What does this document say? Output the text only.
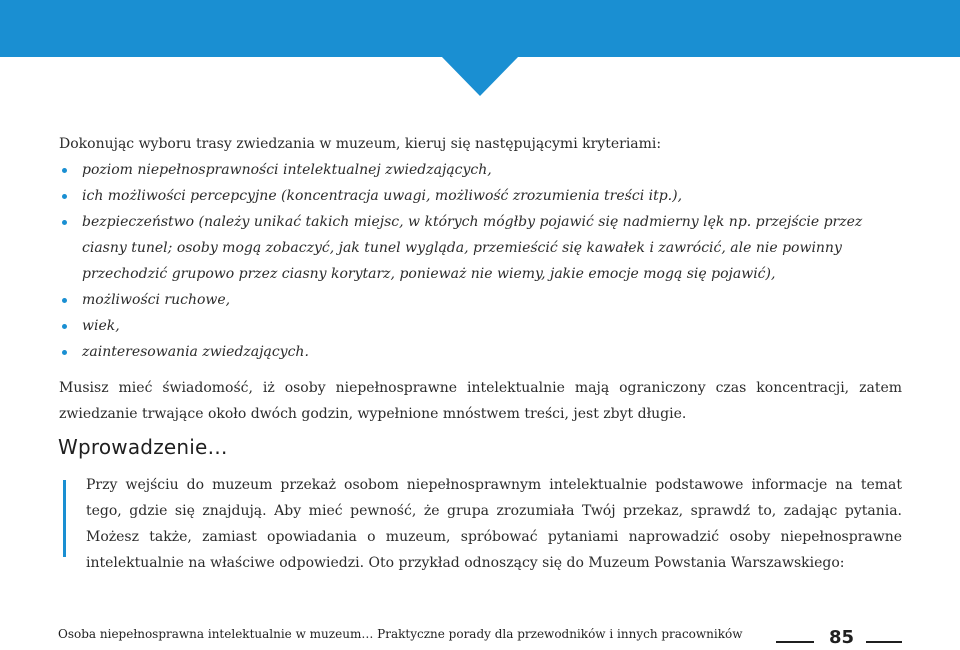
Dokonując wyboru trasy zwiedzania w muzeum, kieruj się następującymi kryteriami:

poziom niepełnosprawności intelektualnej zwiedzających,
ich możliwości percepcyjne (koncentracja uwagi, możliwość zrozumienia treści itp.),
bezpieczeństwo (należy unikać takich miejsc, w których mógłby pojawić się nadmierny lęk np. przejście przez ciasny tunel; osoby mogą zobaczyć, jak tunel wygląda, przemieścić się kawałek i zawrócić, ale nie powinny przechodzić grupowo przez ciasny korytarz, ponieważ nie wiemy, jakie emocje mogą się pojawić),
możliwości ruchowe,
wiek,
zainteresowania zwiedzających.

Musisz mieć świadomość, iż osoby niepełnosprawne intelektualnie mają ograniczony czas koncentracji, zatem zwiedzanie trwające około dwóch godzin, wypełnione mnóstwem treści, jest zbyt długie.

Wprowadzenie…

Przy wejściu do muzeum przekaż osobom niepełnosprawnym intelektualnie podstawowe informacje na temat tego, gdzie się znajdują. Aby mieć pewność, że grupa zrozumiała Twój przekaz, sprawdź to, zadając pytania. Możesz także, zamiast opowiadania o muzeum, spróbować pytaniami naprowadzić osoby niepełnosprawne intelektualnie na właściwe odpowiedzi. Oto przykład odnoszący się do Muzeum Powstania Warszawskiego:

Osoba niepełnosprawna intelektualnie w muzeum… Praktyczne porady dla przewodników i innych pracowników	85
